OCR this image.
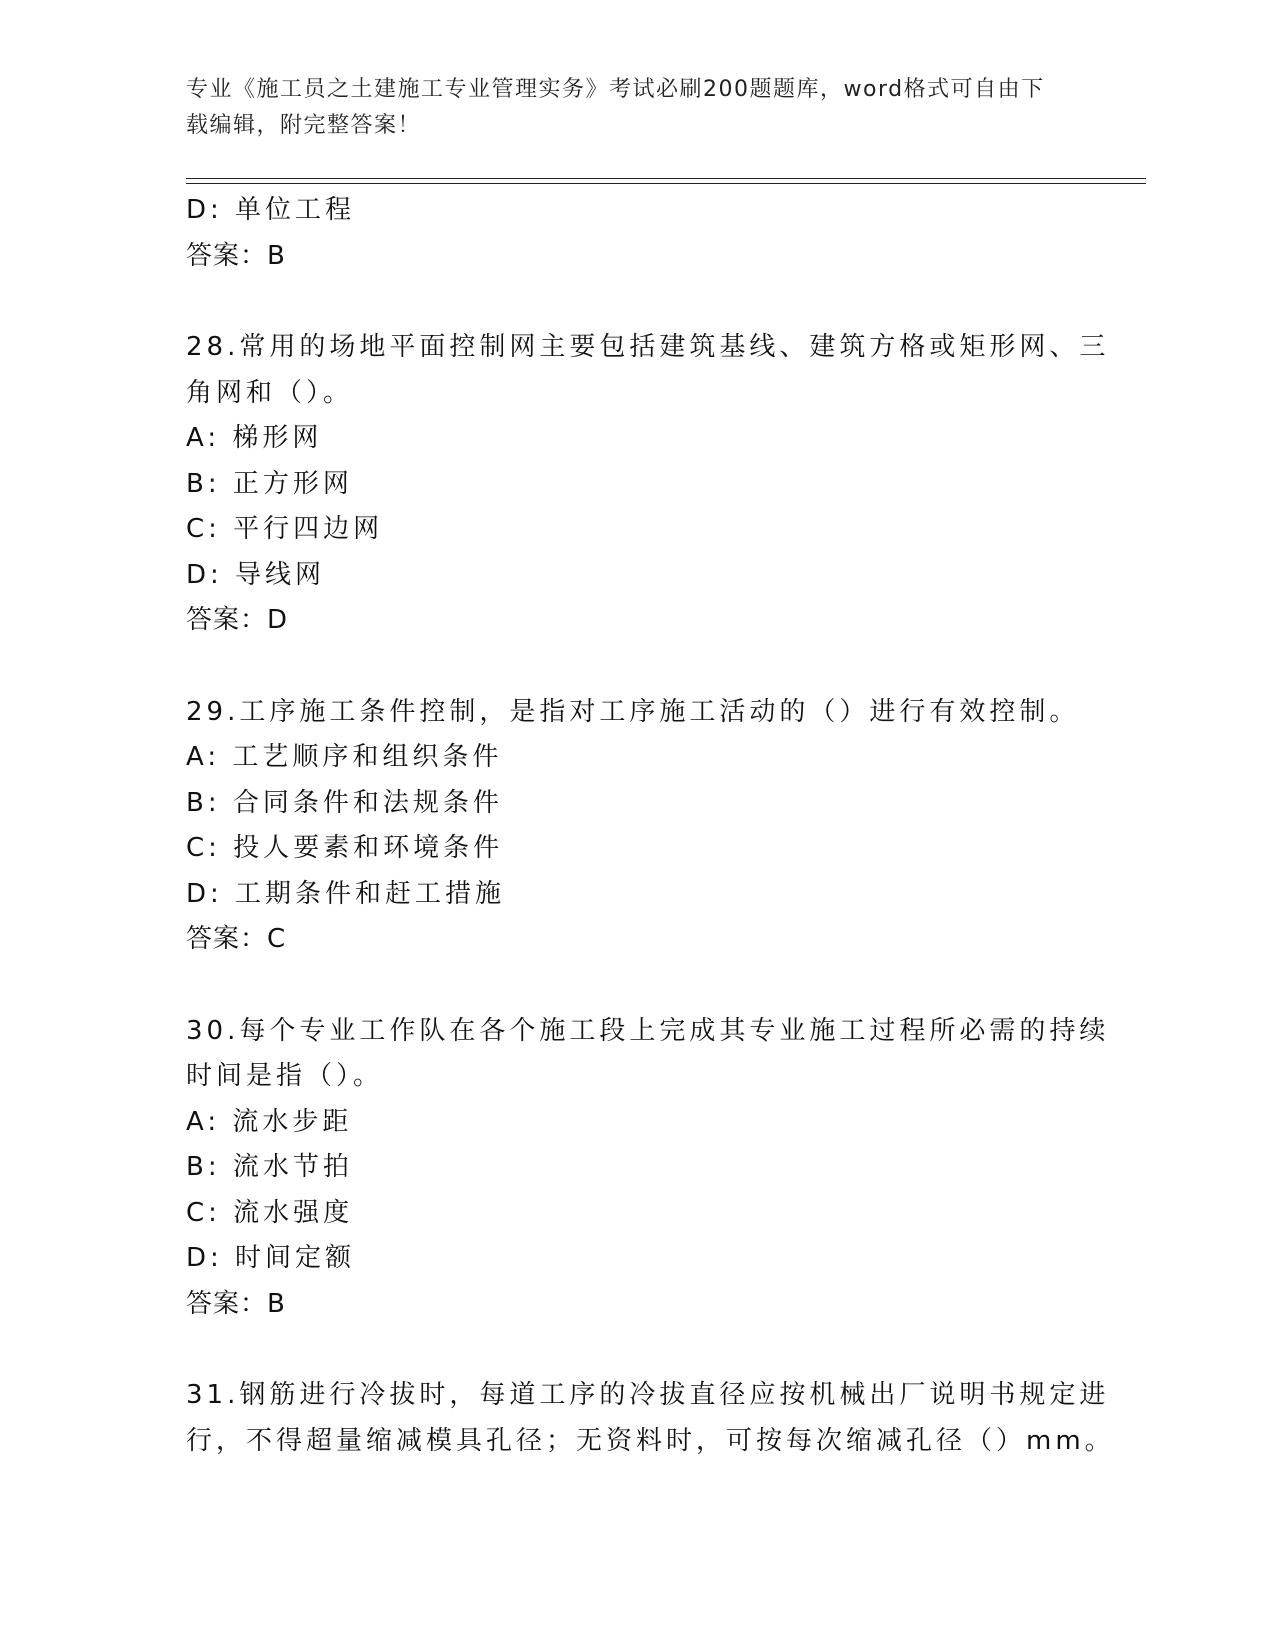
专业《施工员之土建施工专业管理实务》考试必刷200题题库，word格式可自由下载编辑，附完整答案！
D: 单位工程
答案：B
28.常用的场地平面控制网主要包括建筑基线、建筑方格或矩形网、三
角网和（）。
A: 梯形网
B: 正方形网
C: 平行四边网
D: 导线网
答案：D
29.工序施工条件控制，是指对工序施工活动的（）进行有效控制。
A: 工艺顺序和组织条件
B: 合同条件和法规条件
C: 投人要素和环境条件
D: 工期条件和赶工措施
答案：C
30.每个专业工作队在各个施工段上完成其专业施工过程所必需的持续
时间是指（）。
A: 流水步距
B: 流水节拍
C: 流水强度
D: 时间定额
答案：B
31.钢筋进行冷拔时，每道工序的冷拔直径应按机械出厂说明书规定进
行，不得超量缩减模具孔径；无资料时，可按每次缩减孔径（）mm。
